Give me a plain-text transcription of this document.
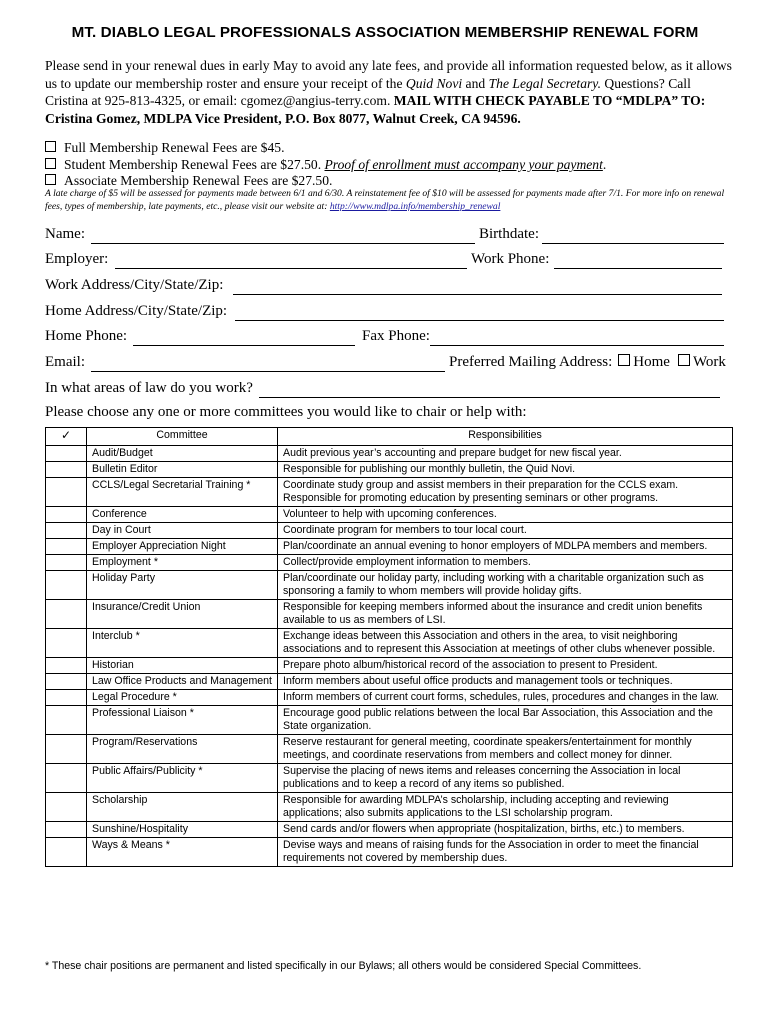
MT. DIABLO LEGAL PROFESSIONALS ASSOCIATION MEMBERSHIP RENEWAL FORM
Please send in your renewal dues in early May to avoid any late fees, and provide all information requested below, as it allows us to update our membership roster and ensure your receipt of the Quid Novi and The Legal Secretary. Questions? Call Cristina at 925-813-4325, or email: cgomez@angius-terry.com. MAIL WITH CHECK PAYABLE TO “MDLPA” TO: Cristina Gomez, MDLPA Vice President, P.O. Box 8077, Walnut Creek, CA 94596.
Full Membership Renewal Fees are $45.
Student Membership Renewal Fees are $27.50. Proof of enrollment must accompany your payment.
Associate Membership Renewal Fees are $27.50.
A late charge of $5 will be assessed for payments made between 6/1 and 6/30. A reinstatement fee of $10 will be assessed for payments made after 7/1. For more info on renewal fees, types of membership, late payments, etc., please visit our website at: http://www.mdlpa.info/membership_renewal
Name:	Birthdate:
Employer:	Work Phone:
Work Address/City/State/Zip:
Home Address/City/State/Zip:
Home Phone:	Fax Phone:
Email:	Preferred Mailing Address: Home Work
In what areas of law do you work?
Please choose any one or more committees you would like to chair or help with:
✓	Committee	Responsibilities
	Audit/Budget	Audit previous year’s accounting and prepare budget for new fiscal year.
	Bulletin Editor	Responsible for publishing our monthly bulletin, the Quid Novi.
	CCLS/Legal Secretarial Training *	Coordinate study group and assist members in their preparation for the CCLS exam. Responsible for promoting education by presenting seminars or other programs.
	Conference	Volunteer to help with upcoming conferences.
	Day in Court	Coordinate program for members to tour local court.
	Employer Appreciation Night	Plan/coordinate an annual evening to honor employers of MDLPA members and members.
	Employment *	Collect/provide employment information to members.
	Holiday Party	Plan/coordinate our holiday party, including working with a charitable organization such as sponsoring a family to whom members will provide holiday gifts.
	Insurance/Credit Union	Responsible for keeping members informed about the insurance and credit union benefits available to us as members of LSI.
	Interclub *	Exchange ideas between this Association and others in the area, to visit neighboring associations and to represent this Association at meetings of other clubs whenever possible.
	Historian	Prepare photo album/historical record of the association to present to President.
	Law Office Products and Management	Inform members about useful office products and management tools or techniques.
	Legal Procedure *	Inform members of current court forms, schedules, rules, procedures and changes in the law.
	Professional Liaison *	Encourage good public relations between the local Bar Association, this Association and the State organization.
	Program/Reservations	Reserve restaurant for general meeting, coordinate speakers/entertainment for monthly meetings, and coordinate reservations from members and collect money for dinner.
	Public Affairs/Publicity *	Supervise the placing of news items and releases concerning the Association in local publications and to keep a record of any items so published.
	Scholarship	Responsible for awarding MDLPA’s scholarship, including accepting and reviewing applications; also submits applications to the LSI scholarship program.
	Sunshine/Hospitality	Send cards and/or flowers when appropriate (hospitalization, births, etc.) to members.
	Ways & Means *	Devise ways and means of raising funds for the Association in order to meet the financial requirements not covered by membership dues.
* These chair positions are permanent and listed specifically in our Bylaws; all others would be considered Special Committees.
